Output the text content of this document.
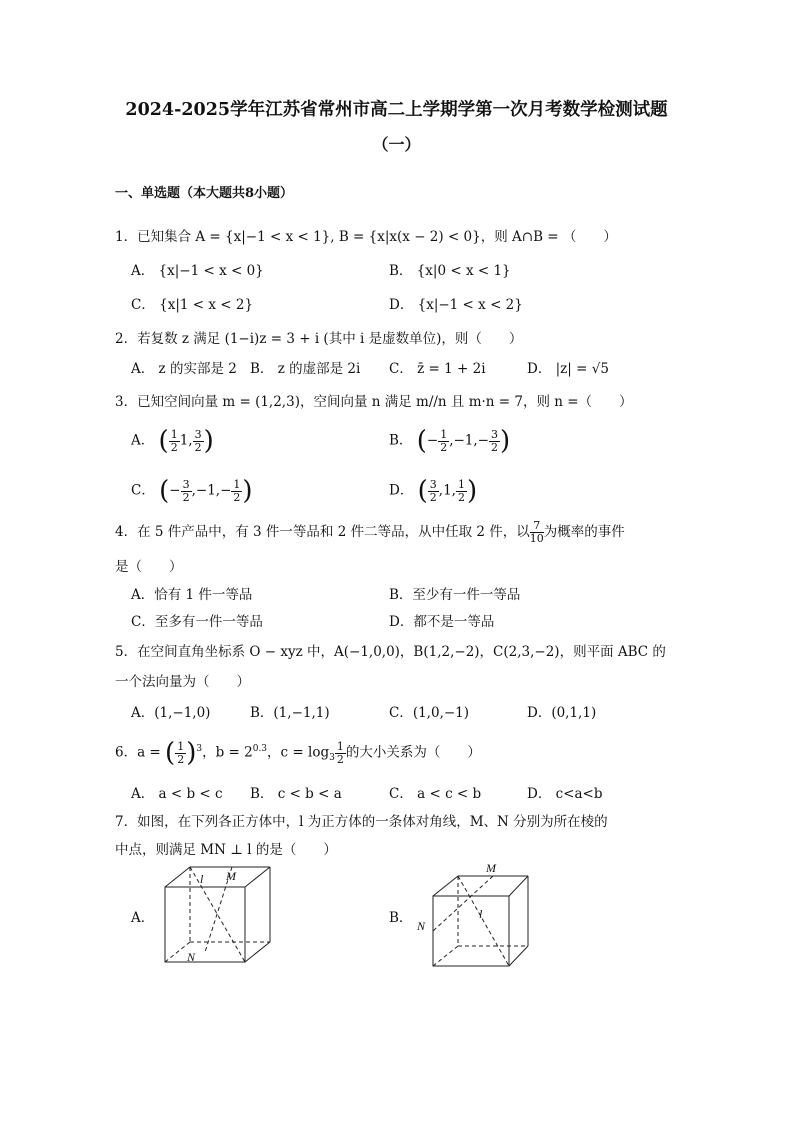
2024-2025学年江苏省常州市高二上学期学第一次月考数学检测试题
（一）
一、单选题（本大题共8小题）
1．已知集合 A = {x|−1 < x < 1}, B = {x|x(x − 2) < 0}，则 A∩B = （　　）
A． {x|−1 < x < 0}	B． {x|0 < x < 1}
C． {x|1 < x < 2}	D． {x|−1 < x < 2}
2．若复数 z 满足 (1−i)z = 3 + i (其中 i 是虚数单位)，则（　　）
A． z 的实部是 2 B． z 的虚部是 2i C． z̄ = 1 + 2i	D． |z| = √5
3．已知空间向量 m = (1,2,3)，空间向量 n 满足 m//n 且 m·n = 7，则 n =（　　）
A． ( $\frac{1}{2} 1$, $\frac{3}{2}$ )	B． (− $\frac{1}{2} ,-1,- \frac{3}{2}$ )
C． (− $\frac{3}{2} ,-1,- \frac{1}{2}$ )	D． ( $\frac{3}{2} ,1$, $\frac{1}{2}$ )
4．在 5 件产品中，有 3 件一等品和 2 件二等品，从中任取 2 件，以 $\frac{7}{10}$ 为概率的事件
是（　　）
A．恰有 1 件一等品	B．至少有一件一等品
C．至多有一件一等品	D．都不是一等品
5．在空间直角坐标系 O − xyz 中，A(−1,0,0)，B(1,2,−2)，C(2,3,−2)，则平面 ABC 的
一个法向量为（　　）
A．(1,−1,0)	B．(1,−1,1)	C．(1,0,−1)	D．(0,1,1)
6．a = ( $\frac{1}{2} )^3$，$b = 2^{0.3}$，$c = \log_3 \frac{1}{2}$ 的大小关系为（　　）
A． a < b < c B． c < b < a	C． a < c < b	D． c<a<b
7．如图，在下列各正方体中，l 为正方体的一条体对角线，M、N 分别为所在棱的
中点，则满足 MN ⊥ l 的是（　　）
A．
l M
N
B．
M
N
l
